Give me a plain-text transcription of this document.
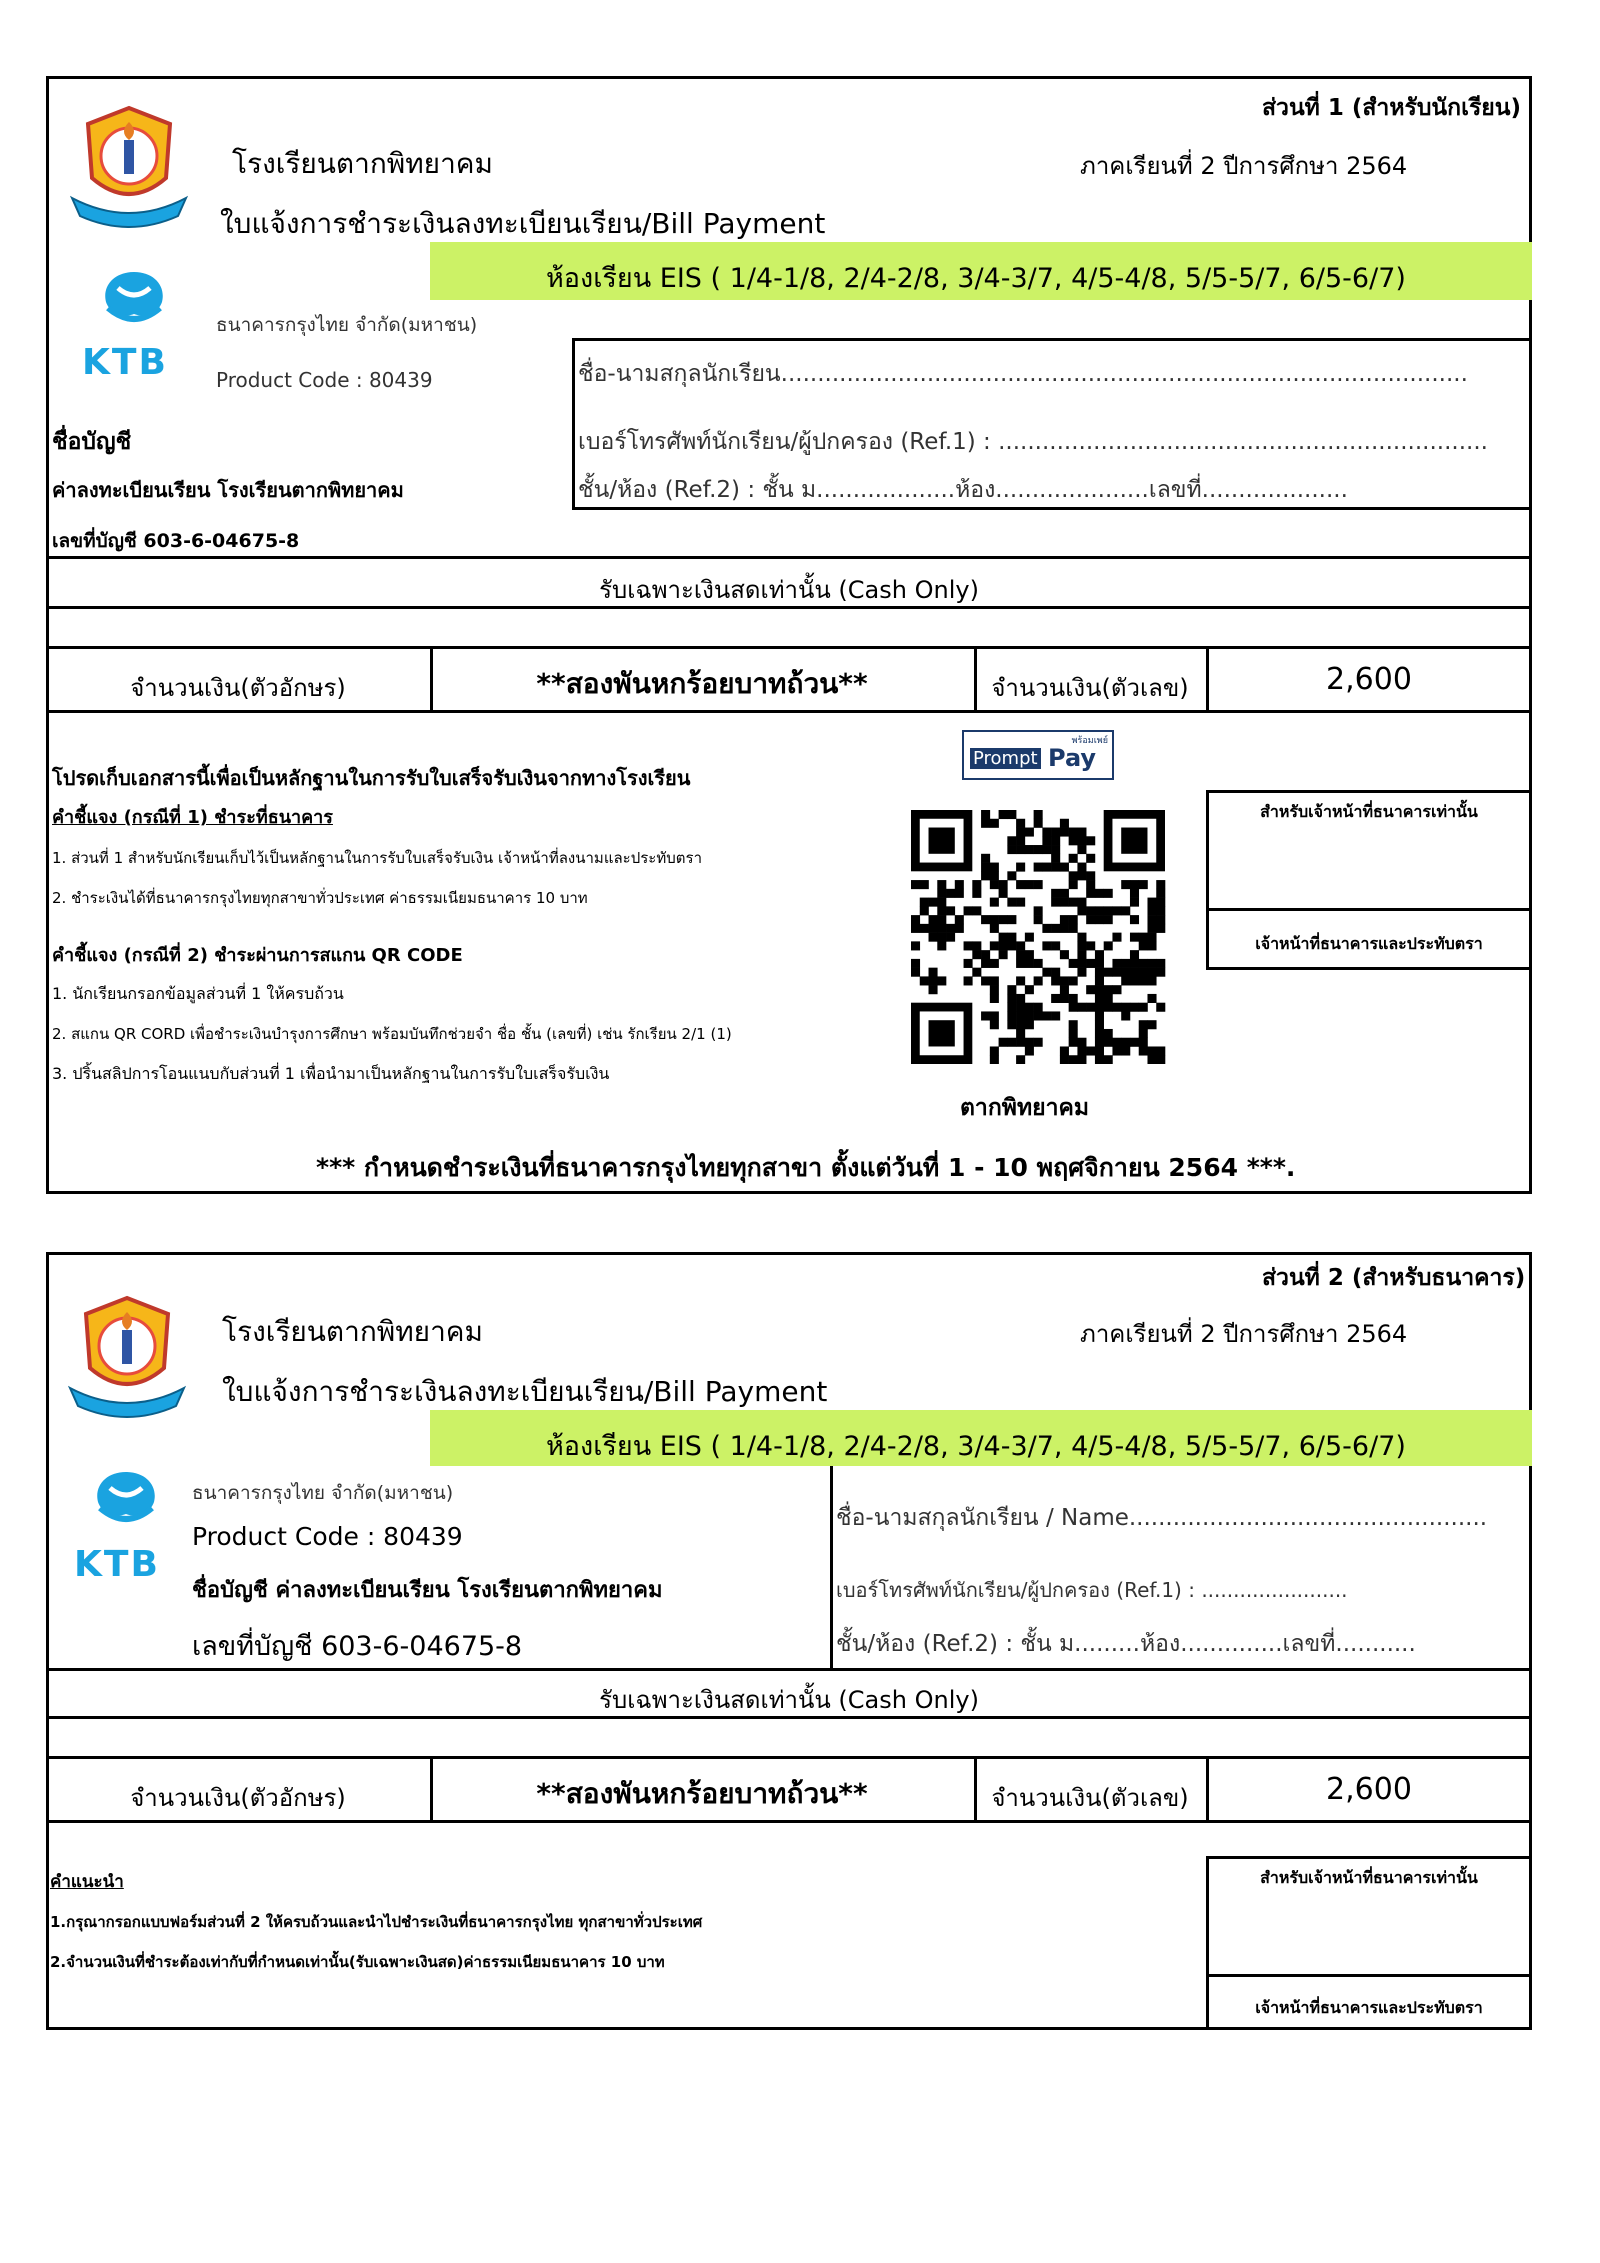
ส่วนที่ 1 (สำหรับนักเรียน)
โรงเรียนตากพิทยาคม	ภาคเรียนที่ 2 ปีการศึกษา 2564
ใบแจ้งการชำระเงินลงทะเบียนเรียน/Bill Payment
ห้องเรียน EIS ( 1/4-1/8, 2/4-2/8, 3/4-3/7, 4/5-4/8, 5/5-5/7, 6/5-6/7)
KTB
ธนาคารกรุงไทย จำกัด(มหาชน)
Product Code : 80439
ชื่อบัญชี
ค่าลงทะเบียนเรียน โรงเรียนตากพิทยาคม
เลขที่บัญชี 603-6-04675-8
ชื่อ-นามสกุลนักเรียน..............................................................................................
เบอร์โทรศัพท์นักเรียน/ผู้ปกครอง (Ref.1) : ...................................................................
ชั้น/ห้อง (Ref.2) : ชั้น ม...................ห้อง.....................เลขที่....................
รับเฉพาะเงินสดเท่านั้น (Cash Only)
จำนวนเงิน(ตัวอักษร)	**สองพันหกร้อยบาทถ้วน**	จำนวนเงิน(ตัวเลข)	2,600
โปรดเก็บเอกสารนี้เพื่อเป็นหลักฐานในการรับใบเสร็จรับเงินจากทางโรงเรียน
คำชี้แจง (กรณีที่ 1) ชำระที่ธนาคาร
1. ส่วนที่ 1 สำหรับนักเรียนเก็บไว้เป็นหลักฐานในการรับใบเสร็จรับเงิน เจ้าหน้าที่ลงนามและประทับตรา
2. ชำระเงินได้ที่ธนาคารกรุงไทยทุกสาขาทั่วประเทศ ค่าธรรมเนียมธนาคาร 10 บาท
คำชี้แจง (กรณีที่ 2) ชำระผ่านการสแกน QR CODE
1. นักเรียนกรอกข้อมูลส่วนที่ 1 ให้ครบถ้วน
2. สแกน QR CORD เพื่อชำระเงินบำรุงการศึกษา พร้อมบันทึกช่วยจำ ชื่อ ชั้น (เลขที่) เช่น รักเรียน 2/1 (1)
3. ปริ้นสลิปการโอนแนบกับส่วนที่ 1 เพื่อนำมาเป็นหลักฐานในการรับใบเสร็จรับเงิน
พร้อมเพย์
Prompt Pay
ตากพิทยาคม
สำหรับเจ้าหน้าที่ธนาคารเท่านั้น
เจ้าหน้าที่ธนาคารและประทับตรา
*** กำหนดชำระเงินที่ธนาคารกรุงไทยทุกสาขา ตั้งแต่วันที่ 1 - 10 พฤศจิกายน 2564 ***.
ส่วนที่ 2 (สำหรับธนาคาร)
โรงเรียนตากพิทยาคม	ภาคเรียนที่ 2 ปีการศึกษา 2564
ใบแจ้งการชำระเงินลงทะเบียนเรียน/Bill Payment
ห้องเรียน EIS ( 1/4-1/8, 2/4-2/8, 3/4-3/7, 4/5-4/8, 5/5-5/7, 6/5-6/7)
KTB
ธนาคารกรุงไทย จำกัด(มหาชน)
Product Code : 80439
ชื่อบัญชี ค่าลงทะเบียนเรียน โรงเรียนตากพิทยาคม
เลขที่บัญชี 603-6-04675-8
ชื่อ-นามสกุลนักเรียน / Name.................................................
เบอร์โทรศัพท์นักเรียน/ผู้ปกครอง (Ref.1) : .......................
ชั้น/ห้อง (Ref.2) : ชั้น ม.........ห้อง..............เลขที่...........
รับเฉพาะเงินสดเท่านั้น (Cash Only)
จำนวนเงิน(ตัวอักษร)	**สองพันหกร้อยบาทถ้วน**	จำนวนเงิน(ตัวเลข)	2,600
คำแนะนำ
1.กรุณากรอกแบบฟอร์มส่วนที่ 2 ให้ครบถ้วนและนำไปชำระเงินที่ธนาคารกรุงไทย ทุกสาขาทั่วประเทศ
2.จำนวนเงินที่ชำระต้องเท่ากับที่กำหนดเท่านั้น(รับเฉพาะเงินสด)ค่าธรรมเนียมธนาคาร 10 บาท
สำหรับเจ้าหน้าที่ธนาคารเท่านั้น
เจ้าหน้าที่ธนาคารและประทับตรา
